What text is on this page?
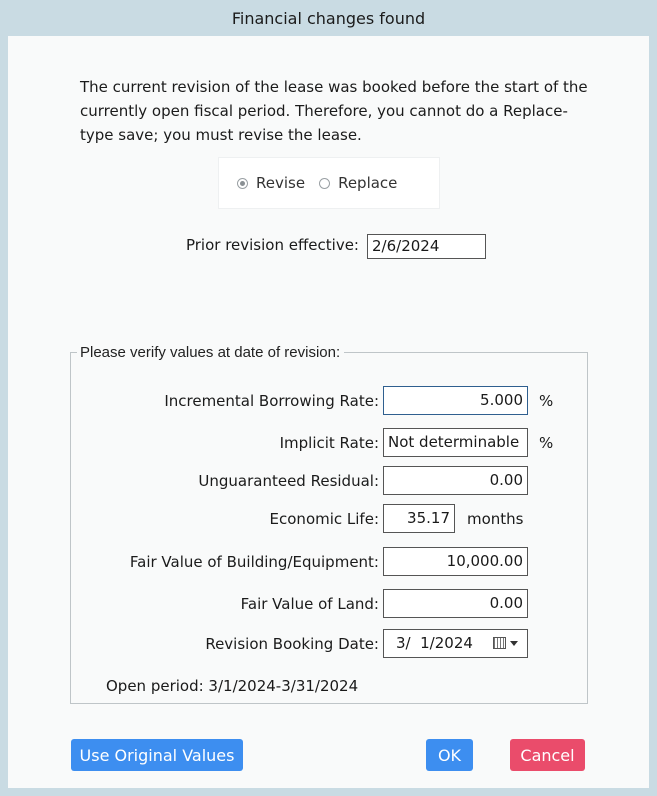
Financial changes found
The current revision of the lease was booked before the start of the currently open fiscal period. Therefore, you cannot do a Replace-type save; you must revise the lease.
Revise Replace
Prior revision effective: 2/6/2024
Please verify values at date of revision:
Incremental Borrowing Rate:	5.000	%
Implicit Rate: Not determinable	%
Unguaranteed Residual:	0.00
Economic Life:	35.17	months
Fair Value of Building/Equipment:	10,000.00
Fair Value of Land:	0.00
Revision Booking Date:	3/  1/2024
Open period: 3/1/2024-3/31/2024
Use Original Values	OK	Cancel
